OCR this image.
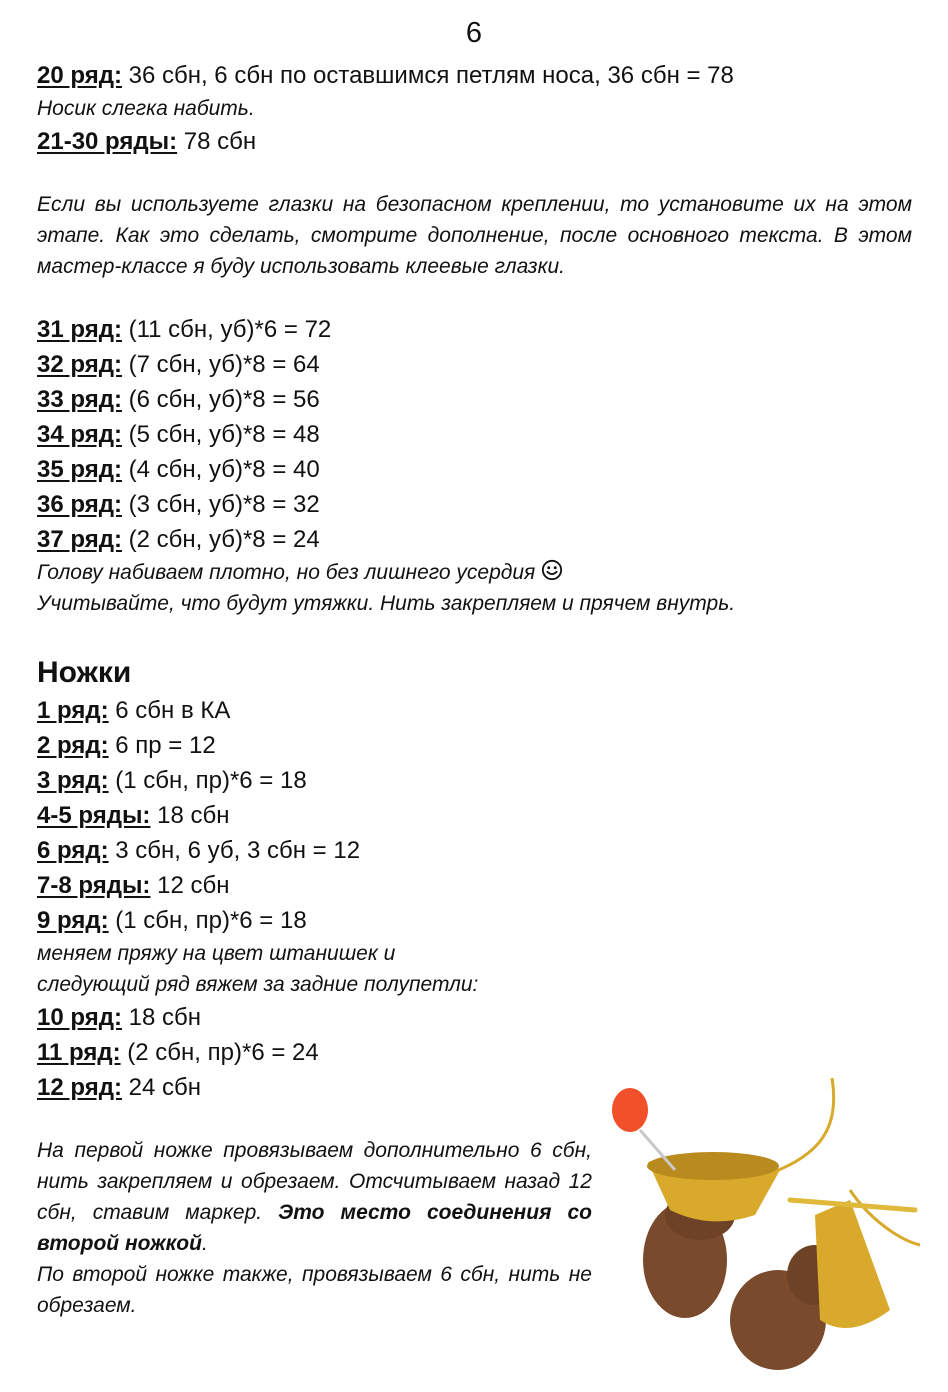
6
20 ряд: 36 сбн, 6 сбн по оставшимся петлям носа, 36 сбн = 78
Носик слегка набить.
21-30 ряды: 78 сбн
Если вы используете глазки на безопасном креплении, то установите их на этом этапе. Как это сделать, смотрите дополнение, после основного текста. В этом мастер-классе я буду использовать клеевые глазки.
31 ряд: (11 сбн, уб)*6 = 72
32 ряд: (7 сбн, уб)*8 = 64
33 ряд: (6 сбн, уб)*8 = 56
34 ряд: (5 сбн, уб)*8 = 48
35 ряд: (4 сбн, уб)*8 = 40
36 ряд: (3 сбн, уб)*8 = 32
37 ряд: (2 сбн, уб)*8 = 24
Голову набиваем плотно, но без лишнего усердия
Учитывайте, что будут утяжки. Нить закрепляем и прячем внутрь.
Ножки
1 ряд: 6 сбн в КА
2 ряд: 6 пр = 12
3 ряд: (1 сбн, пр)*6 = 18
4-5 ряды: 18 сбн
6 ряд: 3 сбн, 6 уб, 3 сбн = 12
7-8 ряды: 12 сбн
9 ряд: (1 сбн, пр)*6 = 18
меняем пряжу на цвет штанишек и
следующий ряд вяжем за задние полупетли:
10 ряд: 18 сбн
11 ряд: (2 сбн, пр)*6 = 24
12 ряд: 24 сбн
На первой ножке провязываем дополнительно 6 сбн, нить закрепляем и обрезаем. Отсчитываем назад 12 сбн, ставим маркер. Это место соединения со второй ножкой.
По второй ножке также, провязываем 6 сбн, нить не обрезаем.
